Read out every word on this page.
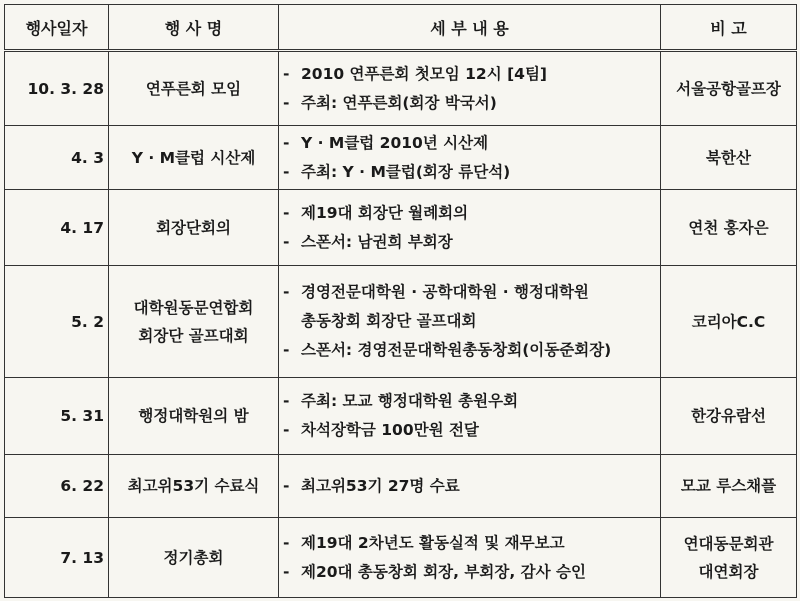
행사일자	행 사 명	세 부 내 용	비 고
10. 3. 28	연푸른회 모임	- 2010 연푸른회 첫모임 12시 [4팀]
- 주최: 연푸른회(회장 박국서)	서울공항골프장

4. 3	Y · M클럽 시산제	- Y · M클럽 2010년 시산제
- 주최: Y · M클럽(회장 류단석)	북한산

4. 17	회장단회의	- 제19대 회장단 월례회의
- 스폰서: 남권희 부회장	연천 홍자은

5. 2	대학원동문연합회
회장단 골프대회	- 경영전문대학원 · 공학대학원 · 행정대학원
총동창회 회장단 골프대회
- 스폰서: 경영전문대학원총동창회(이동준회장)	코리아C.C

5. 31	행정대학원의 밤	- 주최: 모교 행정대학원 총원우회
- 차석장학금 100만원 전달	한강유람선

6. 22	최고위53기 수료식	- 최고위53기 27명 수료	모교 루스채플

7. 13	정기총회	- 제19대 2차년도 활동실적 및 재무보고
- 제20대 총동창회 회장, 부회장, 감사 승인	연대동문회관
대연회장
